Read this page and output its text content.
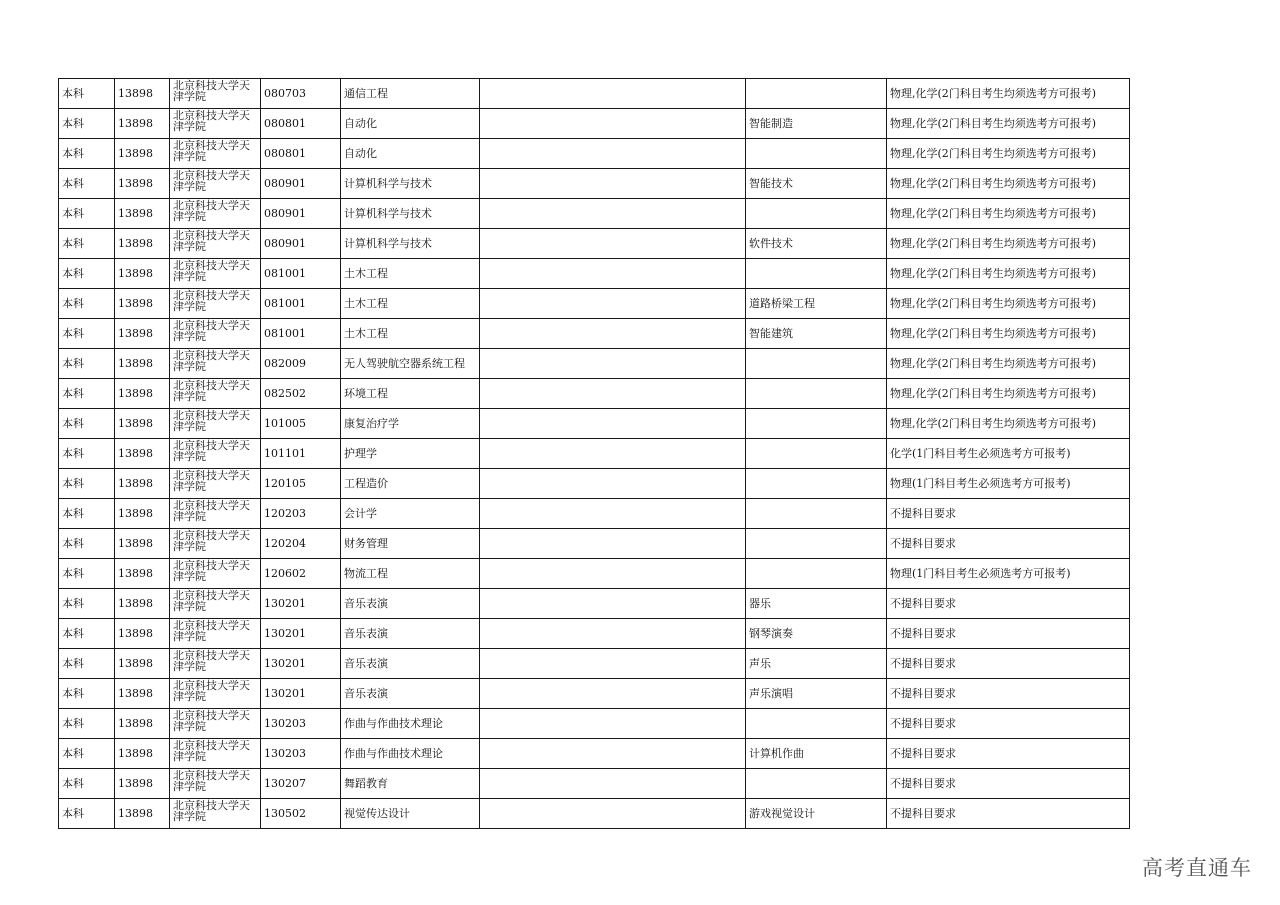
本科	13898	北京科技大学天津学院	080703	通信工程			物理,化学(2门科目考生均须选考方可报考)
本科	13898	北京科技大学天津学院	080801	自动化		智能制造	物理,化学(2门科目考生均须选考方可报考)
本科	13898	北京科技大学天津学院	080801	自动化			物理,化学(2门科目考生均须选考方可报考)
本科	13898	北京科技大学天津学院	080901	计算机科学与技术		智能技术	物理,化学(2门科目考生均须选考方可报考)
本科	13898	北京科技大学天津学院	080901	计算机科学与技术			物理,化学(2门科目考生均须选考方可报考)
本科	13898	北京科技大学天津学院	080901	计算机科学与技术		软件技术	物理,化学(2门科目考生均须选考方可报考)
本科	13898	北京科技大学天津学院	081001	土木工程			物理,化学(2门科目考生均须选考方可报考)
本科	13898	北京科技大学天津学院	081001	土木工程		道路桥梁工程	物理,化学(2门科目考生均须选考方可报考)
本科	13898	北京科技大学天津学院	081001	土木工程		智能建筑	物理,化学(2门科目考生均须选考方可报考)
本科	13898	北京科技大学天津学院	082009	无人驾驶航空器系统工程			物理,化学(2门科目考生均须选考方可报考)
本科	13898	北京科技大学天津学院	082502	环境工程			物理,化学(2门科目考生均须选考方可报考)
本科	13898	北京科技大学天津学院	101005	康复治疗学			物理,化学(2门科目考生均须选考方可报考)
本科	13898	北京科技大学天津学院	101101	护理学			化学(1门科目考生必须选考方可报考)
本科	13898	北京科技大学天津学院	120105	工程造价			物理(1门科目考生必须选考方可报考)
本科	13898	北京科技大学天津学院	120203	会计学			不提科目要求
本科	13898	北京科技大学天津学院	120204	财务管理			不提科目要求
本科	13898	北京科技大学天津学院	120602	物流工程			物理(1门科目考生必须选考方可报考)
本科	13898	北京科技大学天津学院	130201	音乐表演		器乐	不提科目要求
本科	13898	北京科技大学天津学院	130201	音乐表演		钢琴演奏	不提科目要求
本科	13898	北京科技大学天津学院	130201	音乐表演		声乐	不提科目要求
本科	13898	北京科技大学天津学院	130201	音乐表演		声乐演唱	不提科目要求
本科	13898	北京科技大学天津学院	130203	作曲与作曲技术理论			不提科目要求
本科	13898	北京科技大学天津学院	130203	作曲与作曲技术理论		计算机作曲	不提科目要求
本科	13898	北京科技大学天津学院	130207	舞蹈教育			不提科目要求
本科	13898	北京科技大学天津学院	130502	视觉传达设计		游戏视觉设计	不提科目要求
高考直通车
